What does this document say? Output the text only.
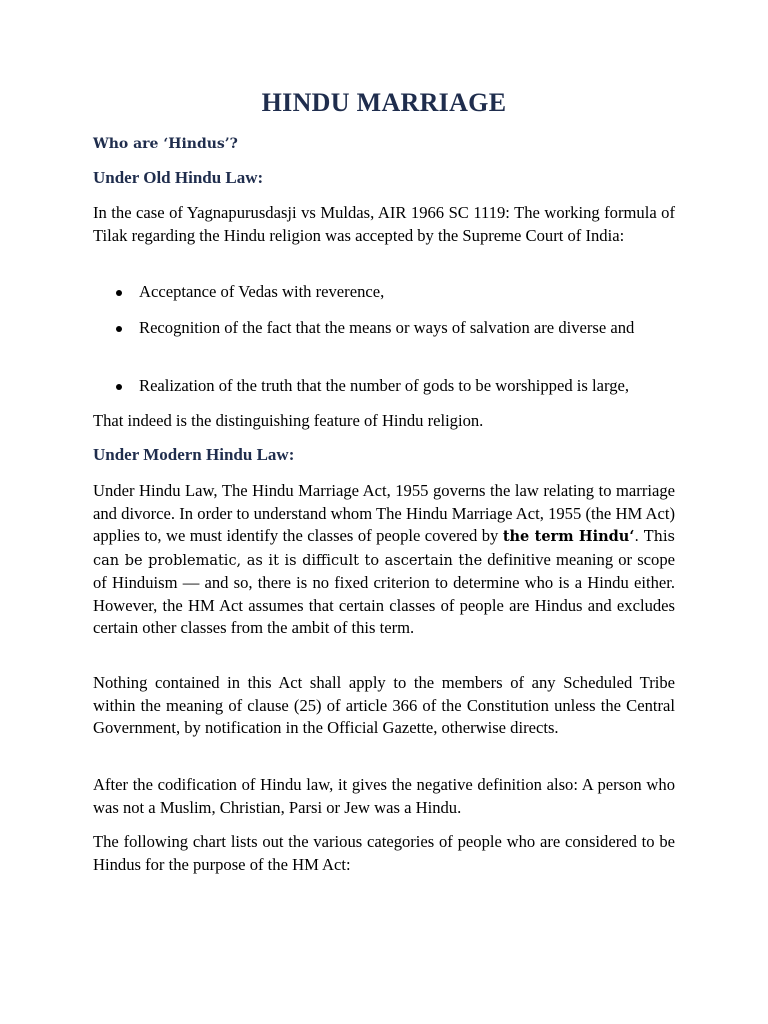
HINDU MARRIAGE
Who are ‘Hindus’?
Under Old Hindu Law:

In the case of Yagnapurusdasji vs Muldas, AIR 1966 SC 1119: The working formula of Tilak regarding the Hindu religion was accepted by the Supreme Court of India:

Acceptance of Vedas with reverence,

Recognition of the fact that the means or ways of salvation are diverse and

Realization of the truth that the number of gods to be worshipped is large,

That indeed is the distinguishing feature of Hindu religion.

Under Modern Hindu Law:

Under Hindu Law, The Hindu Marriage Act, 1955 governs the law relating to marriage and divorce. In order to understand whom The Hindu Marriage Act, 1955 (the HM Act) applies to, we must identify the classes of people covered by the term Hindu‘. This can be problematic, as it is difficult to ascertain the definitive meaning or scope of Hinduism — and so, there is no fixed criterion to determine who is a Hindu either. However, the HM Act assumes that certain classes of people are Hindus and excludes certain other classes from the ambit of this term.

Nothing contained in this Act shall apply to the members of any Scheduled Tribe within the meaning of clause (25) of article 366 of the Constitution unless the Central Government, by notification in the Official Gazette, otherwise directs.

After the codification of Hindu law, it gives the negative definition also: A person who was not a Muslim, Christian, Parsi or Jew was a Hindu.

The following chart lists out the various categories of people who are considered to be Hindus for the purpose of the HM Act:
